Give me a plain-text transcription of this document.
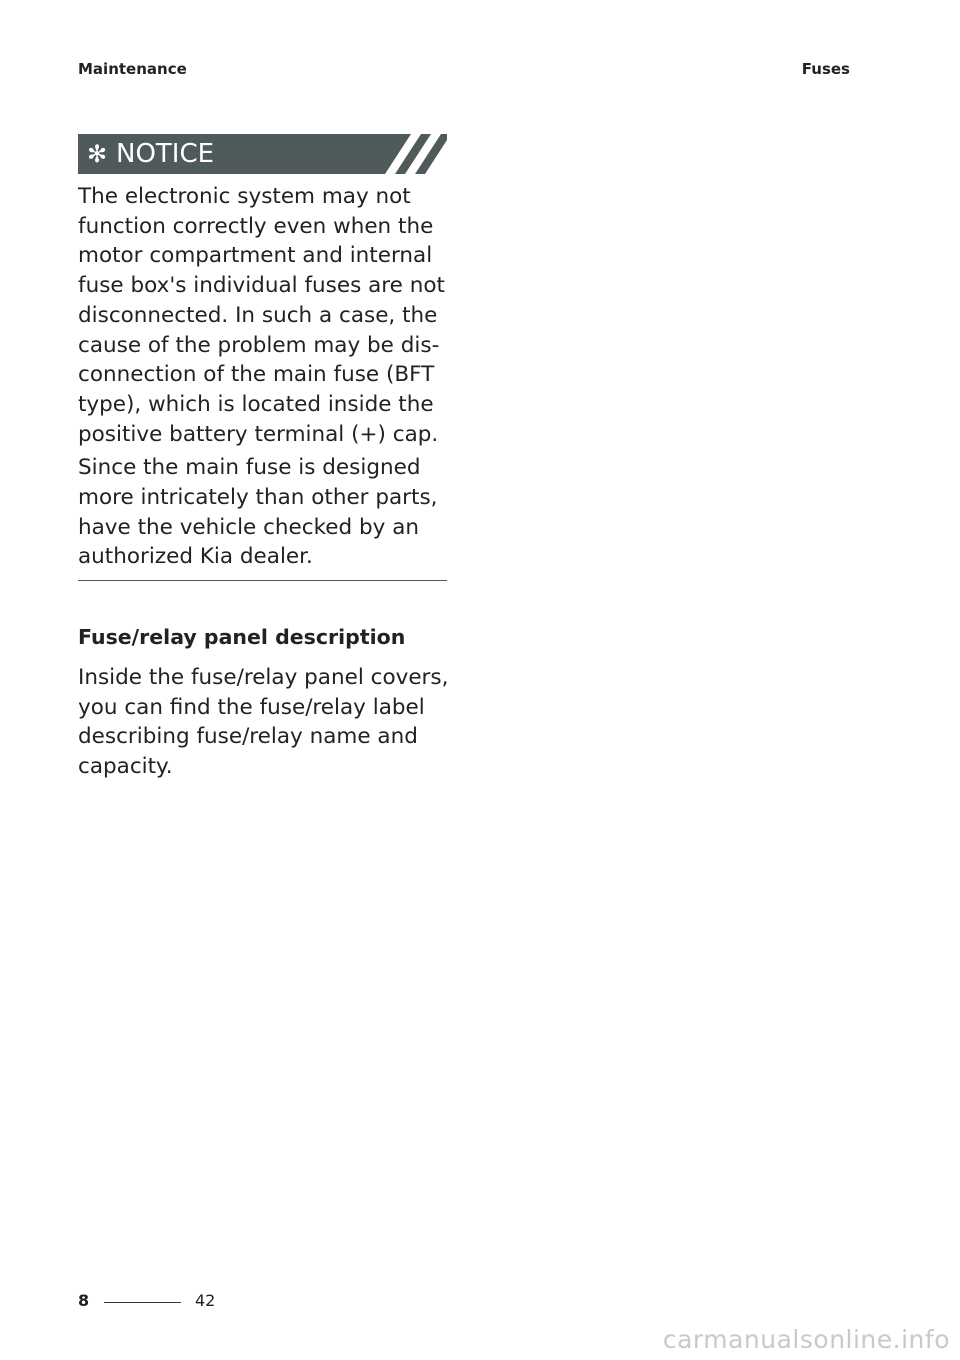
Maintenance	Fuses
✻ NOTICE

The electronic system may not function correctly even when the motor compartment and internal fuse box's individual fuses are not disconnected. In such a case, the cause of the problem may be dis-connection of the main fuse (BFT type), which is located inside the positive battery terminal (+) cap.

Since the main fuse is designed more intricately than other parts, have the vehicle checked by an authorized Kia dealer.

Fuse/relay panel description

Inside the fuse/relay panel covers, you can find the fuse/relay label describing fuse/relay name and capacity.

8	42
carmanualsonline.info
